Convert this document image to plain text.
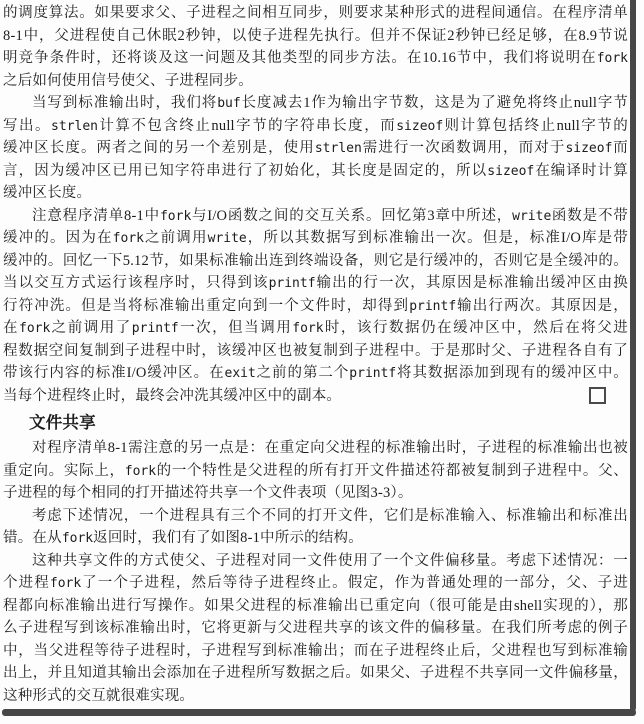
的调度算法。如果要求父、子进程之间相互同步，则要求某种形式的进程间通信。在程序清单
8-1中，父进程使自己休眠2秒钟，以使子进程先执行。但并不保证2秒钟已经足够，在8.9节说
明竞争条件时，还将谈及这一问题及其他类型的同步方法。在10.16节中，我们将说明在fork
之后如何使用信号使父、子进程同步。
当写到标准输出时，我们将buf长度减去1作为输出字节数，这是为了避免将终止null字节
写出。strlen计算不包含终止null字节的字符串长度，而sizeof则计算包括终止null字节的
缓冲区长度。两者之间的另一个差别是，使用strlen需进行一次函数调用，而对于sizeof而
言，因为缓冲区已用已知字符串进行了初始化，其长度是固定的，所以sizeof在编译时计算
缓冲区长度。
注意程序清单8-1中fork与I/O函数之间的交互关系。回忆第3章中所述，write函数是不带
缓冲的。因为在fork之前调用write，所以其数据写到标准输出一次。但是，标准I/O库是带
缓冲的。回忆一下5.12节，如果标准输出连到终端设备，则它是行缓冲的，否则它是全缓冲的。
当以交互方式运行该程序时，只得到该printf输出的行一次，其原因是标准输出缓冲区由换
行符冲洗。但是当将标准输出重定向到一个文件时，却得到printf输出行两次。其原因是，
在fork之前调用了printf一次，但当调用fork时，该行数据仍在缓冲区中，然后在将父进
程数据空间复制到子进程中时，该缓冲区也被复制到子进程中。于是那时父、子进程各自有了
带该行内容的标准I/O缓冲区。在exit之前的第二个printf将其数据添加到现有的缓冲区中。
当每个进程终止时，最终会冲洗其缓冲区中的副本。
文件共享
对程序清单8-1需注意的另一点是：在重定向父进程的标准输出时，子进程的标准输出也被
重定向。实际上，fork的一个特性是父进程的所有打开文件描述符都被复制到子进程中。父、
子进程的每个相同的打开描述符共享一个文件表项（见图3-3）。
考虑下述情况，一个进程具有三个不同的打开文件，它们是标准输入、标准输出和标准出
错。在从fork返回时，我们有了如图8-1中所示的结构。
这种共享文件的方式使父、子进程对同一文件使用了一个文件偏移量。考虑下述情况：一
个进程fork了一个子进程，然后等待子进程终止。假定，作为普通处理的一部分，父、子进
程都向标准输出进行写操作。如果父进程的标准输出已重定向（很可能是由shell实现的），那
么子进程写到该标准输出时，它将更新与父进程共享的该文件的偏移量。在我们所考虑的例子
中，当父进程等待子进程时，子进程写到标准输出；而在子进程终止后，父进程也写到标准输
出上，并且知道其输出会添加在子进程所写数据之后。如果父、子进程不共享同一文件偏移量，
这种形式的交互就很难实现。
